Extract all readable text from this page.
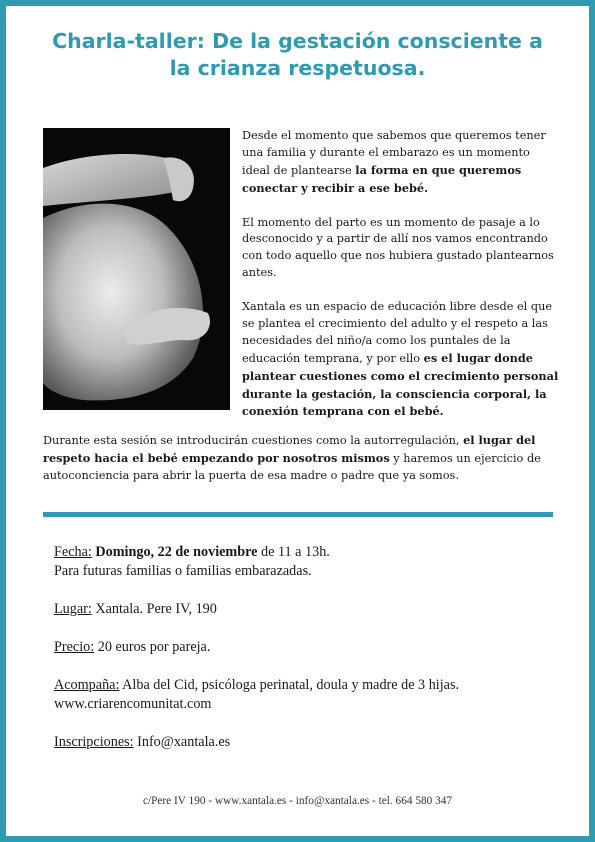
Charla-taller: De la gestación consciente a
la crianza respetuosa.

Desde el momento que sabemos que queremos tener una familia y durante el embarazo es un momento ideal de plantearse la forma en que queremos conectar y recibir a ese bebé.

El momento del parto es un momento de pasaje a lo desconocido y a partir de allí nos vamos encontrando con todo aquello que nos hubiera gustado plantearnos antes.

Xantala es un espacio de educación libre desde el que se plantea el crecimiento del adulto y el respeto a las necesidades del niño/a como los puntales de la educación temprana, y por ello es el lugar donde plantear cuestiones como el crecimiento personal durante la gestación, la consciencia corporal, la conexión temprana con el bebé.

Durante esta sesión se introducirán cuestiones como la autorregulación, el lugar del respeto hacia el bebé empezando por nosotros mismos y haremos un ejercicio de autoconciencia para abrir la puerta de esa madre o padre que ya somos.
Fecha: Domingo, 22 de noviembre de 11 a 13h.
Para futuras familias o familias embarazadas.
Lugar: Xantala. Pere IV, 190
Precio: 20 euros por pareja.
Acompaña: Alba del Cid, psicóloga perinatal, doula y madre de 3 hijas.
www.criarencomunitat.com
Inscripciones: Info@xantala.es
c/Pere IV 190 - www.xantala.es - info@xantala.es - tel. 664 580 347
